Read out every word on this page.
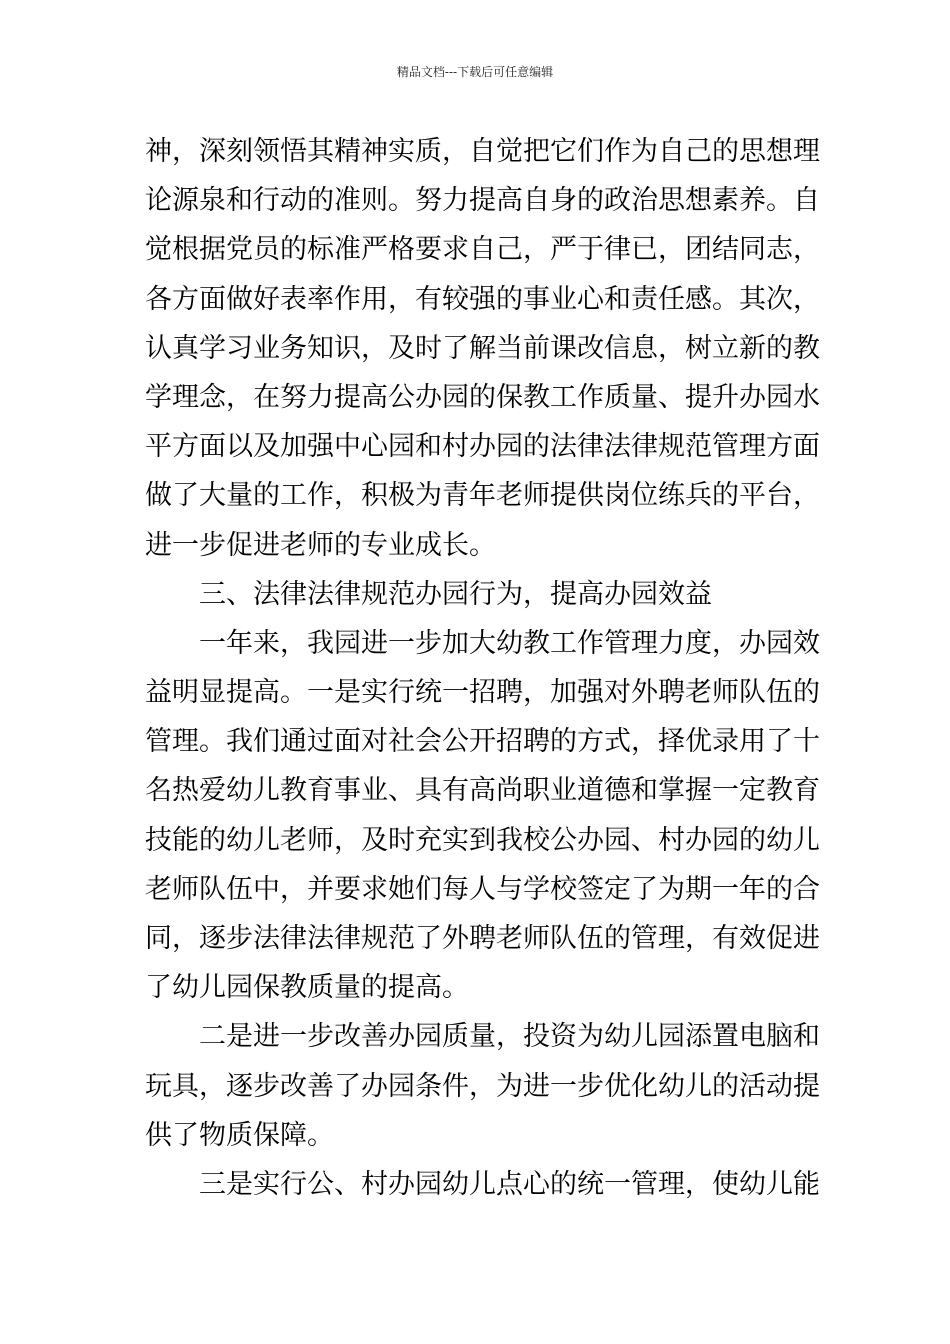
精品文档---下载后可任意编辑
神，深刻领悟其精神实质，自觉把它们作为自己的思想理
论源泉和行动的准则。努力提高自身的政治思想素养。自
觉根据党员的标准严格要求自己，严于律已，团结同志，
各方面做好表率作用，有较强的事业心和责任感。其次，
认真学习业务知识，及时了解当前课改信息，树立新的教
学理念，在努力提高公办园的保教工作质量、提升办园水
平方面以及加强中心园和村办园的法律法律规范管理方面
做了大量的工作，积极为青年老师提供岗位练兵的平台，
进一步促进老师的专业成长。
三、法律法律规范办园行为，提高办园效益
一年来，我园进一步加大幼教工作管理力度，办园效
益明显提高。一是实行统一招聘，加强对外聘老师队伍的
管理。我们通过面对社会公开招聘的方式，择优录用了十
名热爱幼儿教育事业、具有高尚职业道德和掌握一定教育
技能的幼儿老师，及时充实到我校公办园、村办园的幼儿
老师队伍中，并要求她们每人与学校签定了为期一年的合
同，逐步法律法律规范了外聘老师队伍的管理，有效促进
了幼儿园保教质量的提高。
二是进一步改善办园质量，投资为幼儿园添置电脑和
玩具，逐步改善了办园条件，为进一步优化幼儿的活动提
供了物质保障。
三是实行公、村办园幼儿点心的统一管理，使幼儿能
